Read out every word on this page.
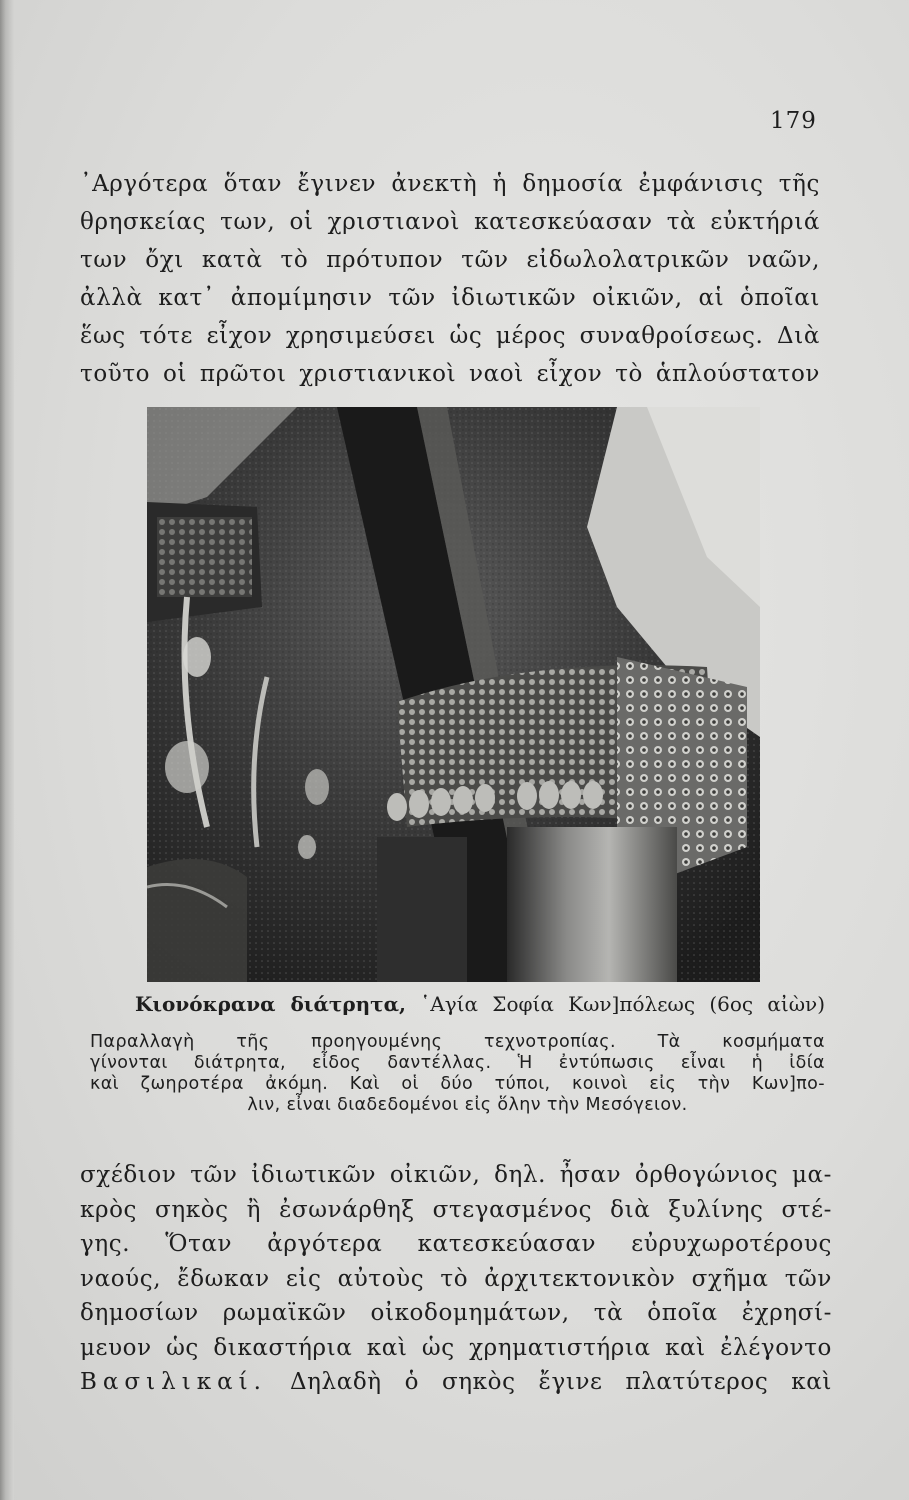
179
᾿Αργότερα ὅταν ἔγινεν ἀνεκτὴ ἡ δημοσία ἐμφάνισις τῆς
θρησκείας των, οἱ χριστιανοὶ κατεσκεύασαν τὰ εὐκτήριά
των ὄχι κατὰ τὸ πρότυπον τῶν εἰδωλολατρικῶν ναῶν,
ἀλλὰ κατ᾿ ἀπομίμησιν τῶν ἰδιωτικῶν οἰκιῶν, αἱ ὁποῖαι
ἕως τότε εἶχον χρησιμεύσει ὡς μέρος συναθροίσεως. Διὰ
τοῦτο οἱ πρῶτοι χριστιανικοὶ ναοὶ εἶχον τὸ ἁπλούστατον
Κιονόκρανα διάτρητα, ῾Αγία Σοφία Κων]πόλεως (6ος αἰὼν)
Παραλλαγὴ τῆς προηγουμένης τεχνοτροπίας. Τὰ κοσμήματα
γίνονται διάτρητα, εἶδος δαντέλλας. Ἡ ἐντύπωσις εἶναι ἡ ἰδία
καὶ ζωηροτέρα ἀκόμη. Καὶ οἱ δύο τύποι, κοινοὶ εἰς τὴν Κων]πο-
λιν, εἶναι διαδεδομένοι εἰς ὅλην τὴν Μεσόγειον.
σχέδιον τῶν ἰδιωτικῶν οἰκιῶν, δηλ. ἦσαν ὀρθογώνιος μα-
κρὸς σηκὸς ἢ ἐσωνάρθηξ στεγασμένος διὰ ξυλίνης στέ-
γης. Ὅταν ἀργότερα κατεσκεύασαν εὐρυχωροτέρους
ναούς, ἔδωκαν εἰς αὐτοὺς τὸ ἀρχιτεκτονικὸν σχῆμα τῶν
δημοσίων ρωμαϊκῶν οἰκοδομημάτων, τὰ ὁποῖα ἐχρησί-
μευον ὡς δικαστήρια καὶ ὡς χρηματιστήρια καὶ ἐλέγοντο
Βασιλικαί. Δηλαδὴ ὁ σηκὸς ἔγινε πλατύτερος καὶ
